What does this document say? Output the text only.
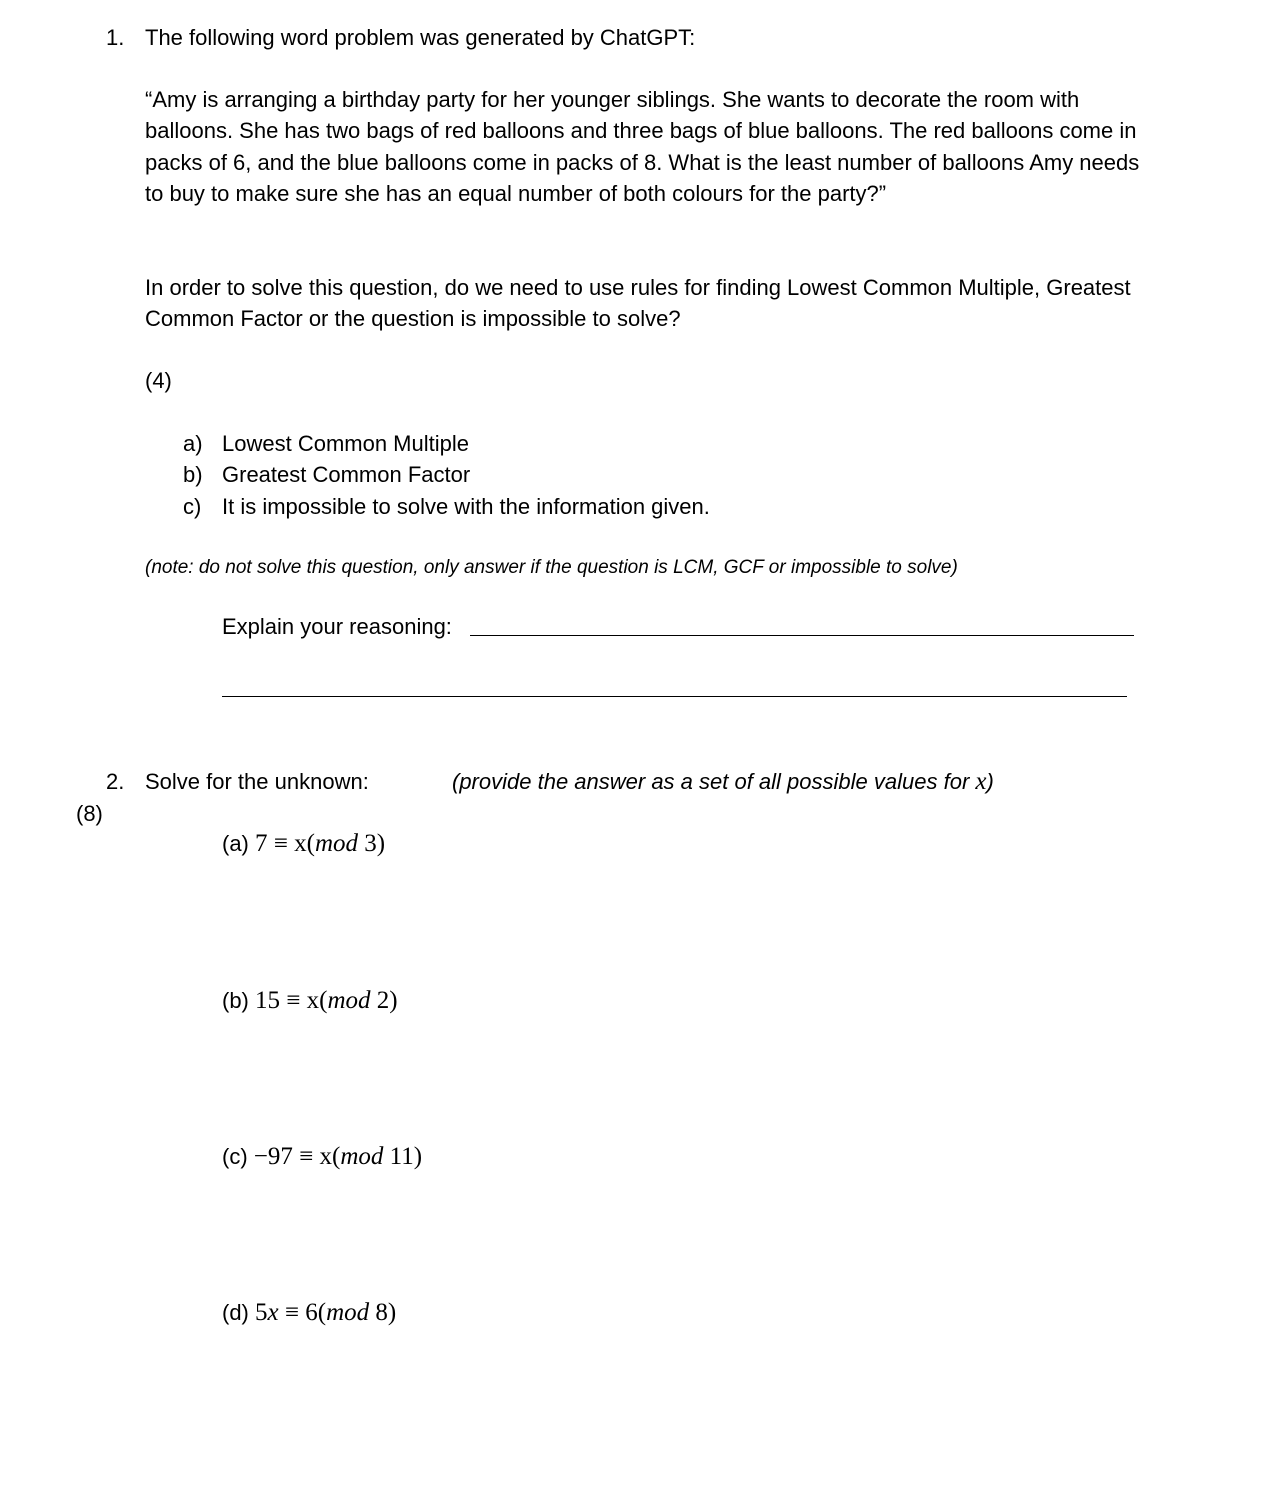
1. The following word problem was generated by ChatGPT:
“Amy is arranging a birthday party for her younger siblings. She wants to decorate the room with balloons. She has two bags of red balloons and three bags of blue balloons. The red balloons come in packs of 6, and the blue balloons come in packs of 8. What is the least number of balloons Amy needs to buy to make sure she has an equal number of both colours for the party?”
In order to solve this question, do we need to use rules for finding Lowest Common Multiple, Greatest Common Factor or the question is impossible to solve?
(4)
a) Lowest Common Multiple
b) Greatest Common Factor
c) It is impossible to solve with the information given.
(note: do not solve this question, only answer if the question is LCM, GCF or impossible to solve)
Explain your reasoning:
2. Solve for the unknown:	(provide the answer as a set of all possible values for x)
(8)
(a) 7 ≡ x(mod 3)
(b) 15 ≡ x(mod 2)
(c) −97 ≡ x(mod 11)
(d) 5x ≡ 6(mod 8)
